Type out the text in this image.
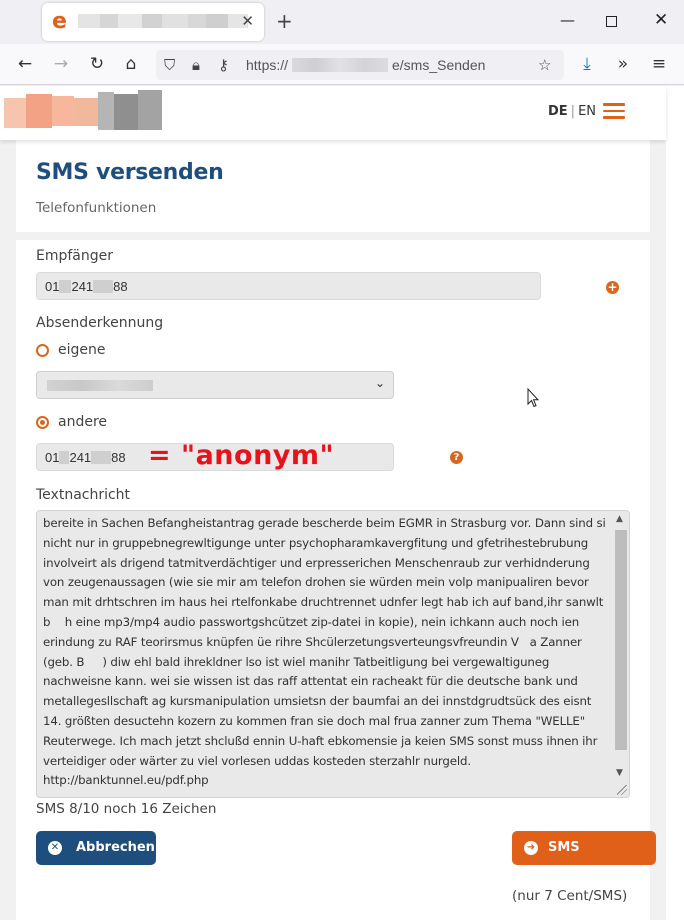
e	✕ +	—	✕
← → ↻	⌂	⛉ 🔒︎ ⚷ https://	e/sms_Senden	☆	⤓	»	≡
DE | EN
SMS versenden
Telefonfunktionen
Empfänger
01 241 88	+
Absenderkennung
eigene
⌄
andere
01 241 88 = "anonym"	?
Textnachricht
bereite in Sachen Befangheistantrag gerade bescherde beim EGMR in Strasburg vor. Dann sind si nicht nur in gruppebnegrewltigunge unter psychopharamkavergfitung und gfetrihestebrubung involveirt als drigend tatmitverdächtiger und erpresserichen Menschenraub zur verhidnderung von zeugenaussagen (wie sie mir am telefon drohen sie würden mein volp manipualiren bevor man mit drhtschren im haus hei rtelfonkabe druchtrennet udnfer legt hab ich auf band,ihr sanwlt b    h eine mp3/mp4 audio passwortgshcützet zip-datei in kopie), nein ichkann auch noch ien erindung zu RAF teorirsmus knüpfen üe rihre Shcülerzetungsverteungsvfreundin V   a Zanner (geb. B     ) diw ehl bald ihrekldner lso ist wiel manihr Tatbeitligung bei vergewaltiguneg nachweisne kann. wei sie wissen ist das raff attentat ein racheakt für die deutsche bank und metallegesllschaft ag kursmanipulation umsietsn der baumfai an dei innstdgrudtsück des eisnt 14. größten desuctehn kozern zu kommen fran sie doch mal frua zanner zum Thema "WELLE" Reuterwege. Ich mach jetzt shclußd ennin U-haft ebkomensie ja keien SMS sonst muss ihnen ihr verteidiger oder wärter zu viel vorlesen uddas kosteden sterzahlr nurgeld.  http://banktunnel.eu/pdf.php
▲
▼
SMS 8/10 noch 16 Zeichen
✕ Abbrechen	➜ SMS versenden
(nur 7 Cent/SMS)
